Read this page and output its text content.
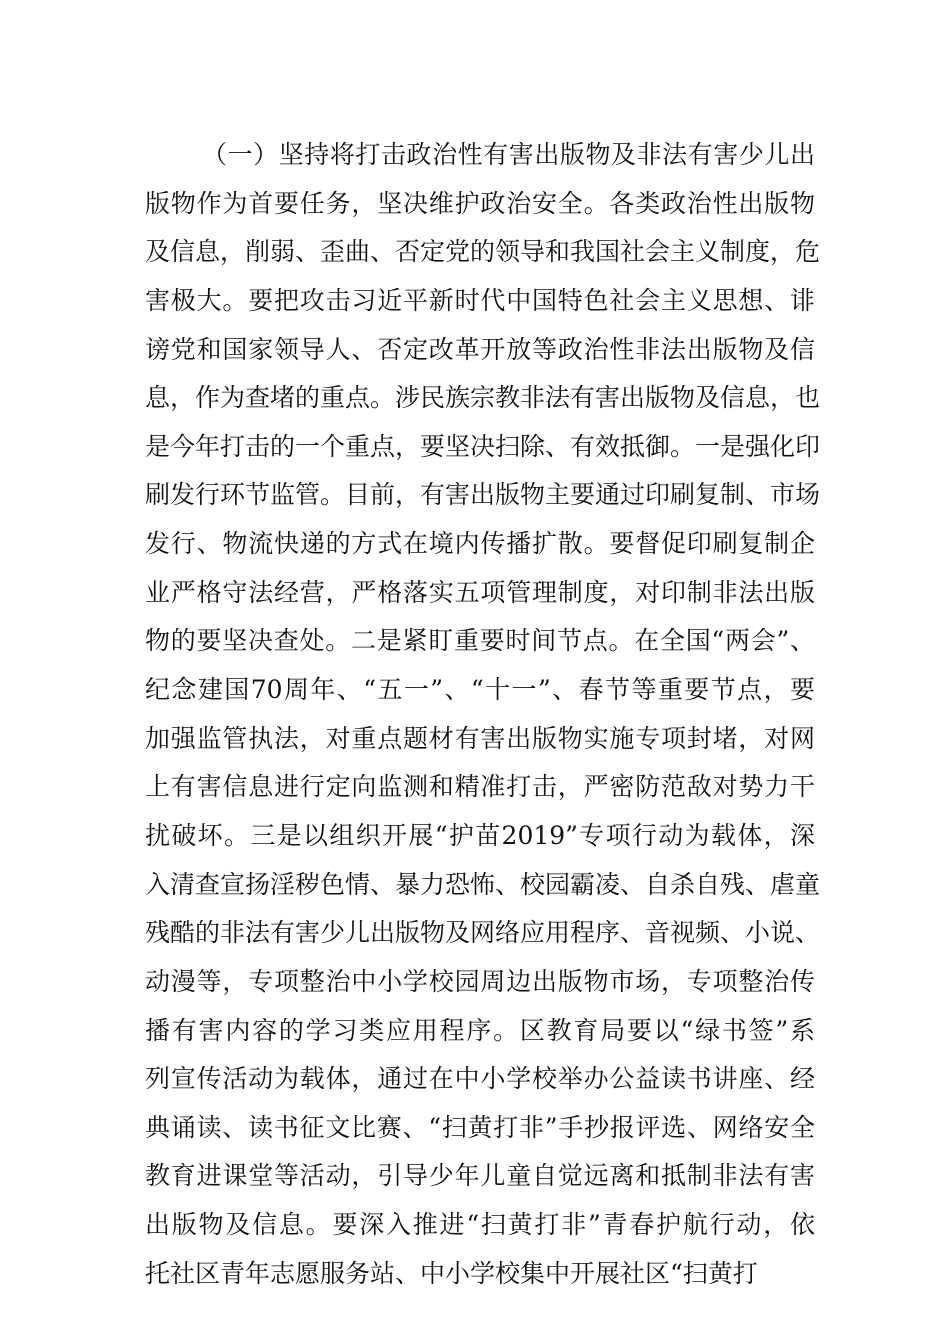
（一）坚持将打击政治性有害出版物及非法有害少儿出
版物作为首要任务，坚决维护政治安全。各类政治性出版物
及信息，削弱、歪曲、否定党的领导和我国社会主义制度，危
害极大。要把攻击习近平新时代中国特色社会主义思想、诽
谤党和国家领导人、否定改革开放等政治性非法出版物及信
息，作为查堵的重点。涉民族宗教非法有害出版物及信息，也
是今年打击的一个重点，要坚决扫除、有效抵御。一是强化印
刷发行环节监管。目前，有害出版物主要通过印刷复制、市场
发行、物流快递的方式在境内传播扩散。要督促印刷复制企
业严格守法经营，严格落实五项管理制度，对印制非法出版
物的要坚决查处。二是紧盯重要时间节点。在全国“两会”、
纪念建国70周年、“五一”、“十一”、春节等重要节点，要
加强监管执法，对重点题材有害出版物实施专项封堵，对网
上有害信息进行定向监测和精准打击，严密防范敌对势力干
扰破坏。三是以组织开展“护苗2019”专项行动为载体，深
入清查宣扬淫秽色情、暴力恐怖、校园霸凌、自杀自残、虐童
残酷的非法有害少儿出版物及网络应用程序、音视频、小说、
动漫等，专项整治中小学校园周边出版物市场，专项整治传
播有害内容的学习类应用程序。区教育局要以“绿书签”系
列宣传活动为载体，通过在中小学校举办公益读书讲座、经
典诵读、读书征文比赛、“扫黄打非”手抄报评选、网络安全
教育进课堂等活动，引导少年儿童自觉远离和抵制非法有害
出版物及信息。要深入推进“扫黄打非”青春护航行动，依
托社区青年志愿服务站、中小学校集中开展社区“扫黄打
